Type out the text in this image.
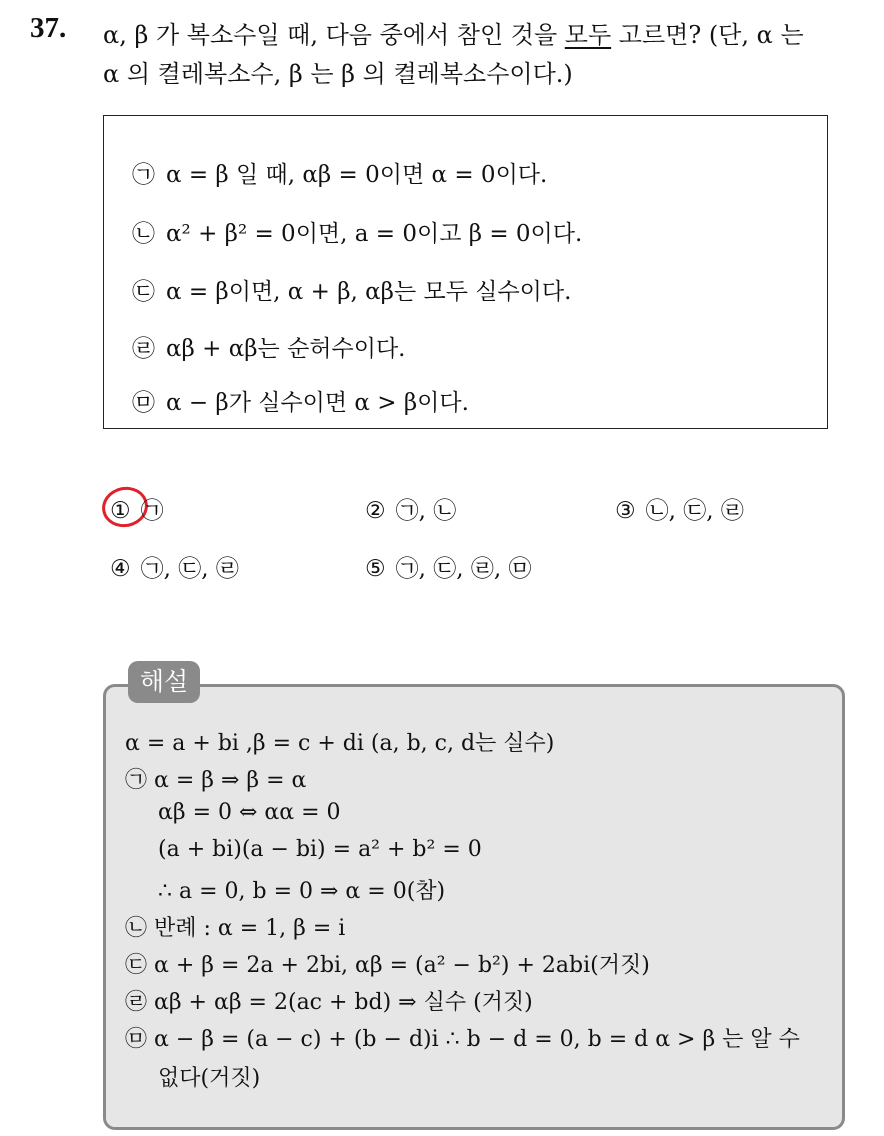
37. α, β 가 복소수일 때, 다음 중에서 참인 것을 모두 고르면? (단, α 는
α 의 켤레복소수, β 는 β 의 켤레복소수이다.)
㉠ α = β 일 때, αβ = 0이면 α = 0이다.
㉡ α² + β² = 0이면, a = 0이고 β = 0이다.
㉢ α = β이면, α + β, αβ는 모두 실수이다.
㉣ αβ + αβ는 순허수이다.
㉤ α − β가 실수이면 α > β이다.
① ㉠	② ㉠, ㉡	③ ㉡, ㉢, ㉣
④ ㉠, ㉢, ㉣	⑤ ㉠, ㉢, ㉣, ㉤
해설
α = a + bi ,β = c + di (a, b, c, d는 실수)
㉠ α = β ⇒ β = α
αβ = 0 ⇔ αα = 0
(a + bi)(a − bi) = a² + b² = 0
∴ a = 0, b = 0 ⇒ α = 0(참)
㉡ 반례 : α = 1, β = i
㉢ α + β = 2a + 2bi, αβ = (a² − b²) + 2abi(거짓)
㉣ αβ + αβ = 2(ac + bd) ⇒ 실수 (거짓)
㉤ α − β = (a − c) + (b − d)i ∴ b − d = 0, b = d α > β 는 알 수
없다(거짓)
